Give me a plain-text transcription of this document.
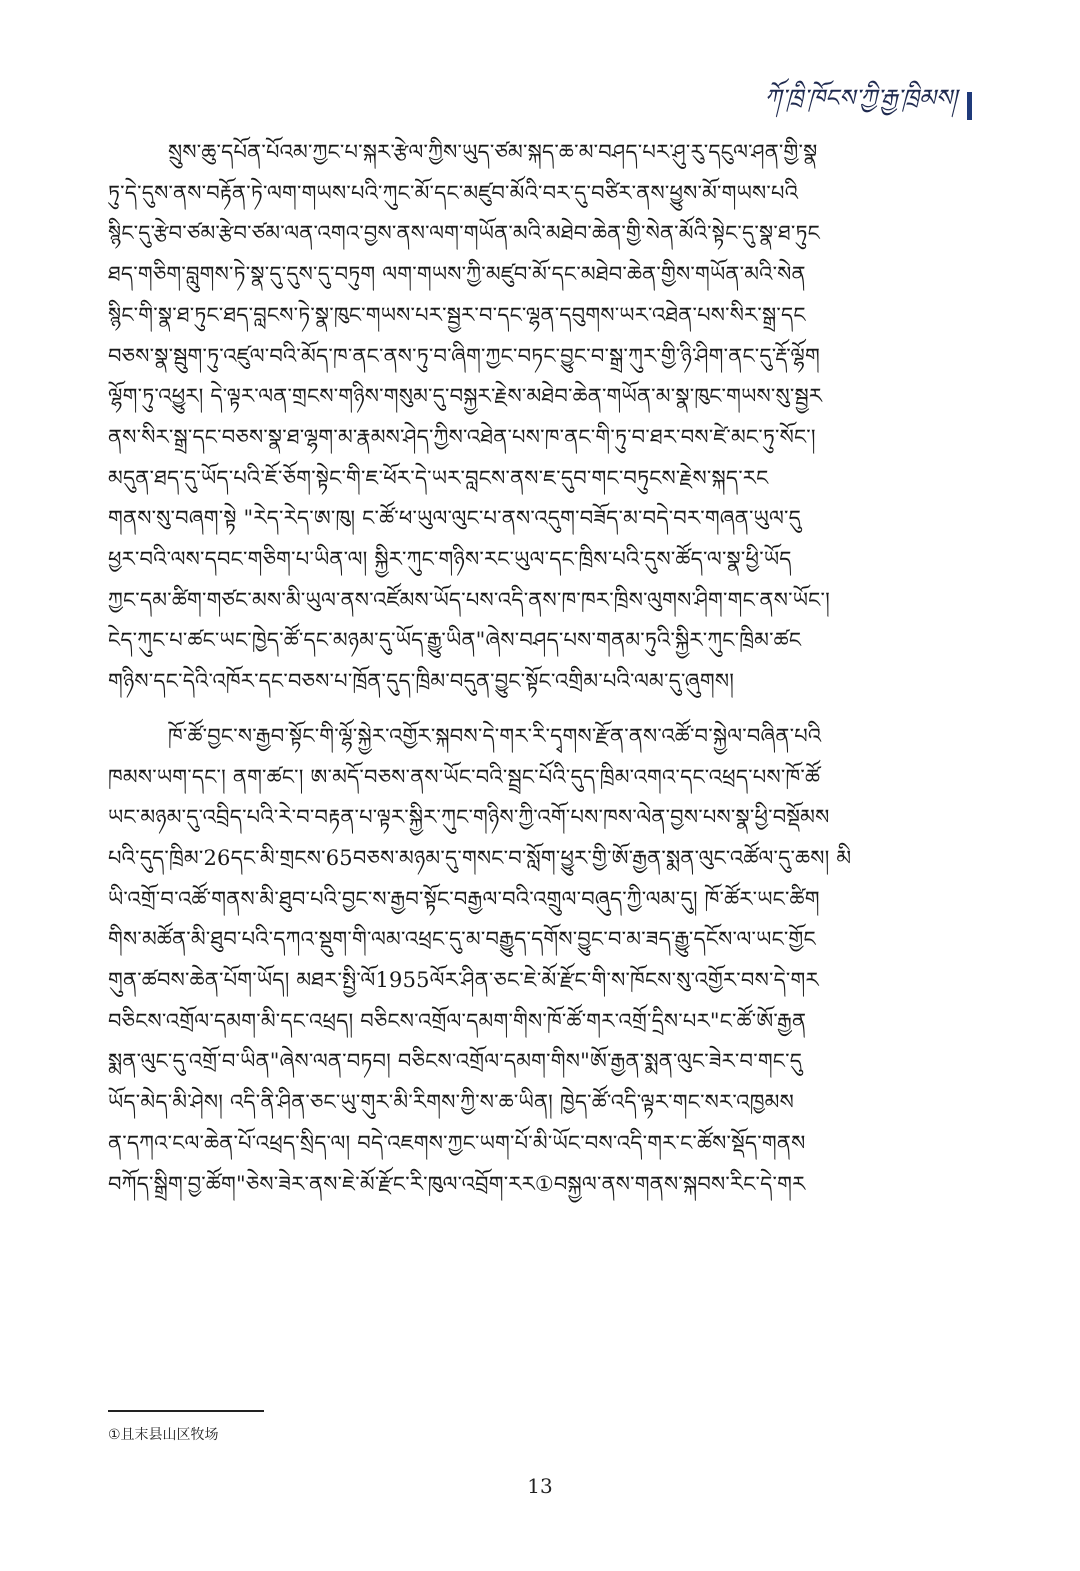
ཀོ་ཁྲི་ཁོངས་ཀྱི་རྒྱ་ཁྲིམས།

སྲུས་ཆུ་དཔོན་པོའམ་ཀྱང་པ་སྐར་རྩེལ་ཀྱིས་ཡུད་ཙམ་སྐད་ཆ་མ་བཤད་པར་ཤུ་རུ་དངུལ་ཤན་གྱི་སྣ

ཏུ་དེ་དུས་ནས་བརྟོན་ཏེ་ལག་གཡས་པའི་ཀུང་མོ་དང་མཛུབ་མོའི་བར་དུ་བཙིར་ནས་ཕྱུས་མོ་གཡས་པའི

སྙིང་དུ་རྩེབ་ཙམ་རྩེབ་ཙམ་ལན་འགའ་བྱས་ནས་ལག་གཡོན་མའི་མཐེབ་ཆེན་གྱི་སེན་མོའི་སྟེང་དུ་སྣ་ཐ་ཏུང

ཐད་གཅིག་བླུགས་ཏེ་སྣ་དུ་དུས་དུ་བཏུག ལག་གཡས་ཀྱི་མཛུབ་མོ་དང་མཐེབ་ཆེན་གྱིས་གཡོན་མའི་སེན

སྙིང་གི་སྣ་ཐ་ཏུང་ཐད་བླངས་ཏེ་སྣ་ཁུང་གཡས་པར་སྦྱར་བ་དང་ལྷན་དབུགས་ཡར་འཐེན་པས་སིར་སྒྲ་དང

བཅས་སྣ་སྦུག་ཏུ་འཛུལ་བའི་མོད་ཁ་ནང་ནས་ཏུ་བ་ཞིག་ཀྱང་བཏང་བྱུང་བ་སྒྲ་ཀུར་གྱི་ཉི་ཤིག་ནང་དུ་རྡོ་ལྷོག

ལྷོག་ཏུ་འཕྱུར། དེ་ལྟར་ལན་གྲངས་གཉིས་གསུམ་དུ་བསྐྱར་རྗེས་མཐེབ་ཆེན་གཡོན་མ་སྣ་ཁུང་གཡས་སུ་སྦྱར

ནས་སིར་སྒྲ་དང་བཅས་སྣ་ཐ་ལྷག་མ་རྣམས་ཤེད་ཀྱིས་འཐེན་པས་ཁ་ནང་གི་ཏུ་བ་ཐར་བས་ཛེ་མང་ཏུ་སོང་།

མདུན་ཐད་དུ་ཡོད་པའི་ཇོ་ཅོག་སྟེང་གི་ཇ་ཕོར་དེ་ཡར་བླངས་ནས་ཇ་དུབ་གང་བཏུངས་རྗེས་སྐད་རང

གནས་སུ་བཞག་སྟེ "རེད་རེད་ཨ་ཁུ། ང་ཚོ་ཕ་ཡུལ་ལུང་པ་ནས་འདུག་བཟོད་མ་བདེ་བར་གཞན་ཡུལ་དུ

ཕྱར་བའི་ལས་དབང་གཅིག་པ་ཡིན་ལ། སྐྱིར་ཀུང་གཉིས་རང་ཡུལ་དང་ཁྲིས་པའི་དུས་ཚོད་ལ་སྣ་ཕྱི་ཡོད

ཀྱང་དམ་ཚིག་གཙང་མས་མི་ཡུལ་ནས་འཛོམས་ཡོད་པས་འདི་ནས་ཁ་ཁར་ཁྲིས་ལུགས་ཤིག་གང་ནས་ཡོང་།

ངེད་ཀུང་པ་ཚང་ཡང་ཁྱེད་ཚོ་དང་མཉམ་དུ་ཡོད་རྒྱུ་ཡིན"ཞེས་བཤད་པས་གནམ་ཏུའི་སྐྱིར་ཀུང་ཁྲིམ་ཚང

གཉིས་དང་དེའི་འཁོར་དང་བཅས་པ་ཁྲོན་དུད་ཁྲིམ་བདུན་བྱུང་སྟོང་འགྲིམ་པའི་ལམ་དུ་ཞུགས།

ཁོ་ཚོ་བྱང་ས་རྒྱབ་སྟོང་གི་ལྷོ་སྐྱེར་འགྱོར་སྐབས་དེ་གར་རི་དྭགས་རྫོན་ནས་འཚོ་བ་སྐྱེལ་བཞིན་པའི

ཁམས་ཡག་དང་། ནག་ཚང་། ཨ་མདོ་བཅས་ནས་ཡོང་བའི་སྦྲང་པོའི་དུད་ཁྲིམ་འགའ་དང་འཕྲད་པས་ཁོ་ཚོ

ཡང་མཉམ་དུ་འབྲིད་པའི་རེ་བ་བརྟན་པ་ལྟར་སྐྱིར་ཀུང་གཉིས་ཀྱི་འགོ་པས་ཁས་ལེན་བྱས་པས་སྣ་ཕྱི་བསྡོམས

པའི་དུད་ཁྲིམ་26དང་མི་གྲངས་65བཅས་མཉམ་དུ་གསང་བ་སློག་ཕྱུར་གྱི་ཨོ་རྒྱན་སྨན་ལུང་འཚོལ་དུ་ཆས། མི

ཡི་འགྲོ་བ་འཚོ་གནས་མི་ཐུབ་པའི་བྱང་ས་རྒྱབ་སྟོང་བརྒྱལ་བའི་འགྲུལ་བཞུད་ཀྱི་ལམ་དུ། ཁོ་ཚོར་ཡང་ཚིག

གིས་མཚོན་མི་ཐུབ་པའི་དཀའ་སྡུག་གི་ལམ་འཕྲང་དུ་མ་བརྒྱུད་དགོས་བྱུང་བ་མ་ཟད་རྒྱུ་དངོས་ལ་ཡང་གྱོང

གུན་ཚབས་ཆེན་པོག་ཡོད། མཐར་སྤྱི་ལོ1955ལོར་ཤིན་ཅང་ཇེ་མོ་རྫོང་གི་ས་ཁོངས་སུ་འགྱོར་བས་དེ་གར

བཅིངས་འགྲོལ་དམག་མི་དང་འཕྲད། བཅིངས་འགྲོལ་དམག་གིས་ཁོ་ཚོ་གར་འགྲོ་དྲིས་པར"ང་ཚོ་ཨོ་རྒྱན

སྨན་ལུང་དུ་འགྲོ་བ་ཡིན"ཞེས་ལན་བཏབ། བཅིངས་འགྲོལ་དམག་གིས"ཨོ་རྒྱན་སྨན་ལུང་ཟེར་བ་གང་དུ

ཡོད་མེད་མི་ཤེས། འདི་ནི་ཤིན་ཅང་ཡུ་གུར་མི་རིགས་ཀྱི་ས་ཆ་ཡིན། ཁྱེད་ཚོ་འདི་ལྟར་གང་སར་འཁྱམས

ན་དཀའ་ངལ་ཆེན་པོ་འཕྲད་སྲིད་ལ། བདེ་འཇགས་ཀྱང་ཡག་པོ་མི་ཡོང་བས་འདི་གར་ང་ཚོས་སྡོད་གནས

བཀོད་སྒྲིག་བྱ་ཚོག"ཅེས་ཟེར་ནས་ཇེ་མོ་རྫོང་རི་ཁུལ་འབྲོག་རར①བསྐྱལ་ནས་གནས་སྐབས་རིང་དེ་གར

①且末县山区牧场
13
